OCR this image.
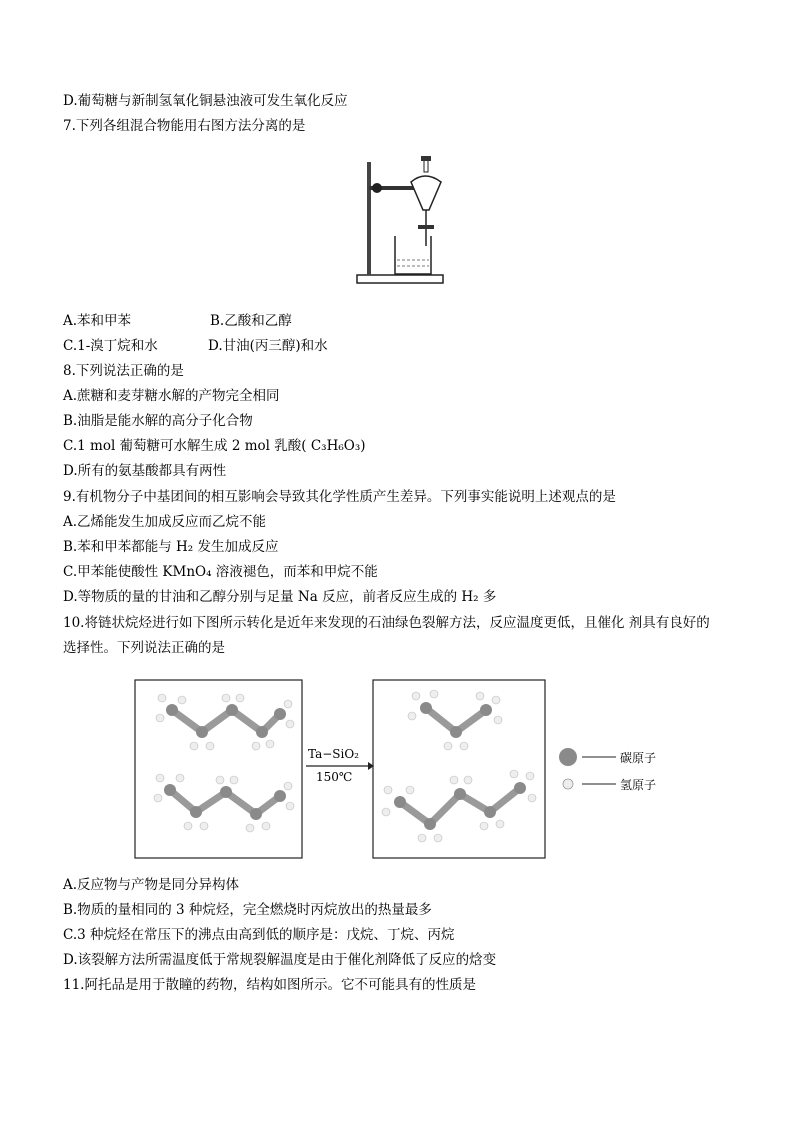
D.葡萄糖与新制氢氧化铜悬浊液可发生氧化反应
7.下列各组混合物能用右图方法分离的是
A.苯和甲苯	B.乙酸和乙醇
C.1-溴丁烷和水	D.甘油(丙三醇)和水
8.下列说法正确的是
A.蔗糖和麦芽糖水解的产物完全相同
B.油脂是能水解的高分子化合物
C.1 mol 葡萄糖可水解生成 2 mol 乳酸( C₃H₆O₃)
D.所有的氨基酸都具有两性
9.有机物分子中基团间的相互影响会导致其化学性质产生差异。下列事实能说明上述观点的是
A.乙烯能发生加成反应而乙烷不能
B.苯和甲苯都能与 H₂ 发生加成反应
C.甲苯能使酸性 KMnO₄ 溶液褪色，而苯和甲烷不能
D.等物质的量的甘油和乙醇分别与足量 Na 反应，前者反应生成的 H₂ 多
10.将链状烷烃进行如下图所示转化是近年来发现的石油绿色裂解方法，反应温度更低，且催化 剂具有良好的
选择性。下列说法正确的是
Ta−SiO₂
150℃
碳原子
氢原子
A.反应物与产物是同分异构体
B.物质的量相同的 3 种烷烃，完全燃烧时丙烷放出的热量最多
C.3 种烷烃在常压下的沸点由高到低的顺序是：戊烷、丁烷、丙烷
D.该裂解方法所需温度低于常规裂解温度是由于催化剂降低了反应的焓变
11.阿托品是用于散瞳的药物，结构如图所示。它不可能具有的性质是
